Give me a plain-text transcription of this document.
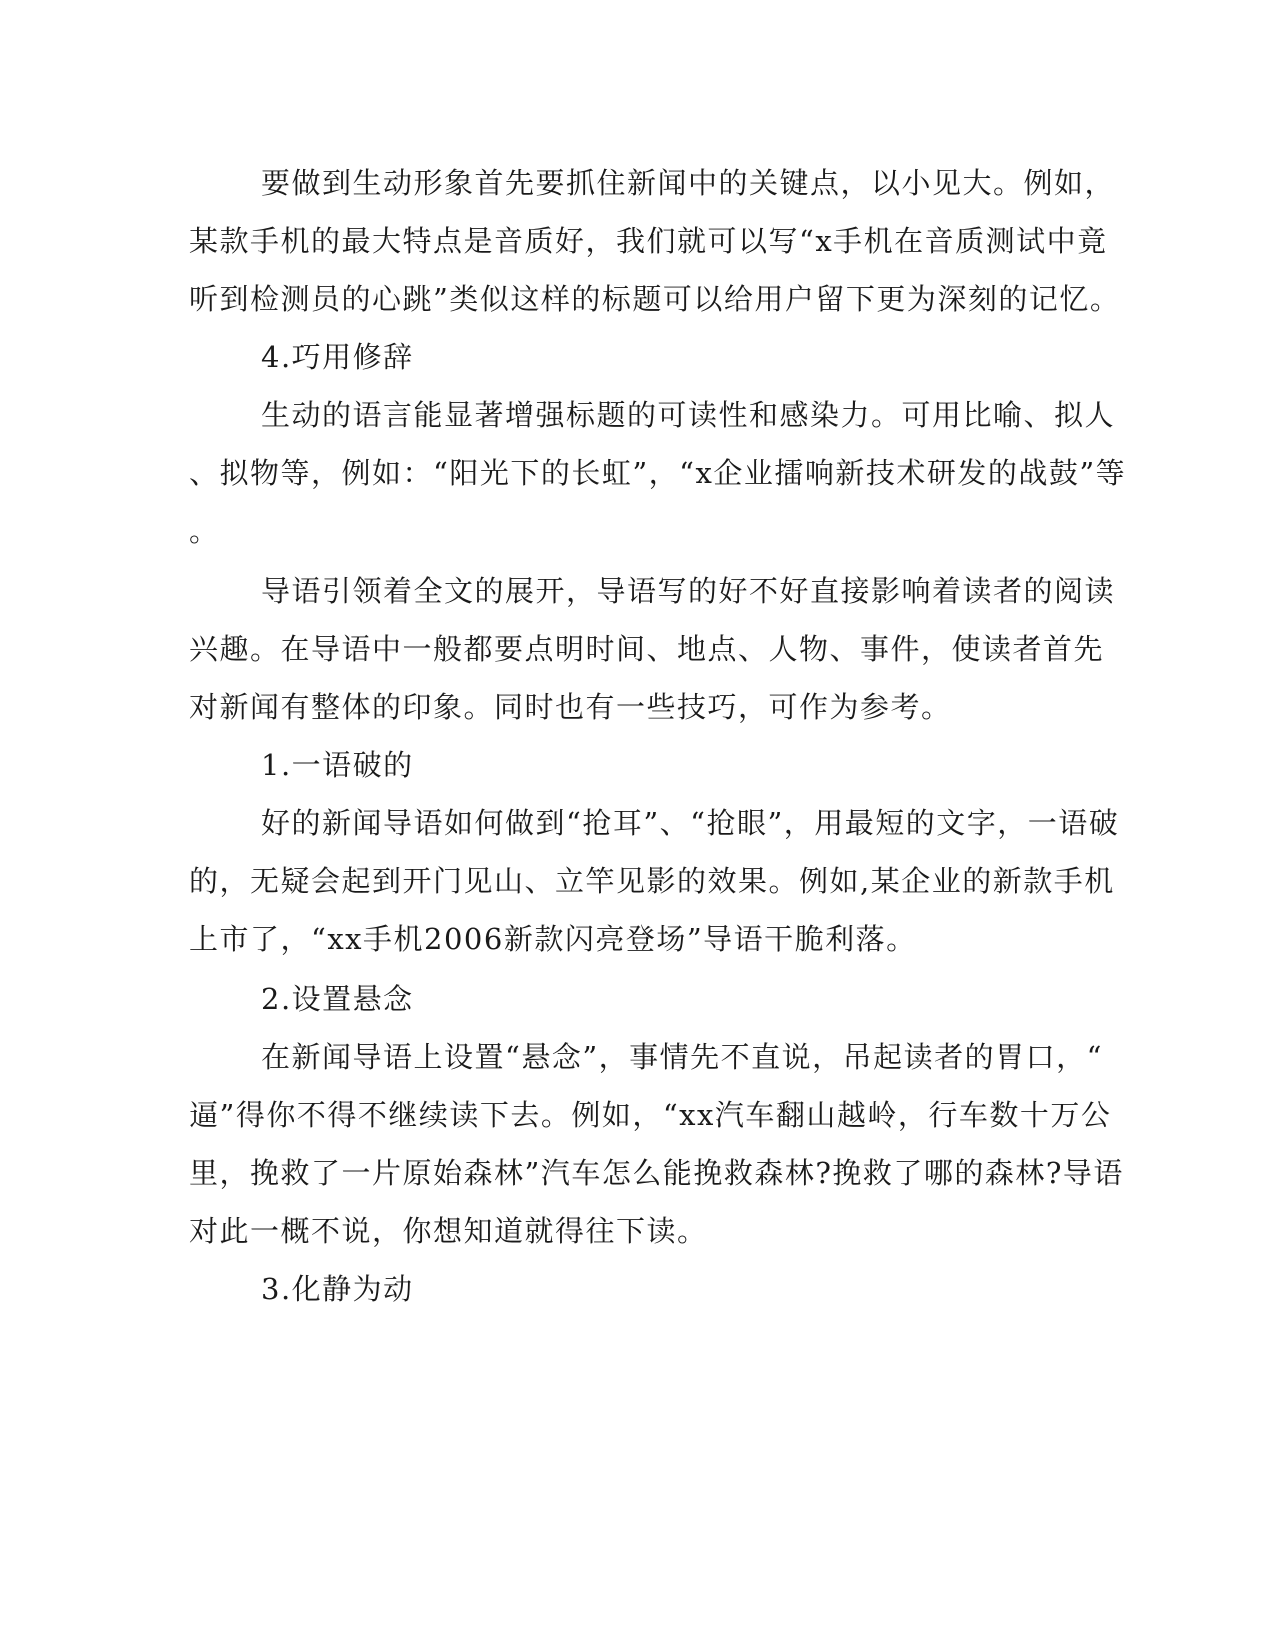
要做到生动形象首先要抓住新闻中的关键点，以小见大。例如，
某款手机的最大特点是音质好，我们就可以写“x手机在音质测试中竟
听到检测员的心跳”类似这样的标题可以给用户留下更为深刻的记忆。
4.巧用修辞
生动的语言能显著增强标题的可读性和感染力。可用比喻、拟人
、拟物等，例如：“阳光下的长虹”，“x企业擂响新技术研发的战鼓”等
。
导语引领着全文的展开，导语写的好不好直接影响着读者的阅读
兴趣。在导语中一般都要点明时间、地点、人物、事件，使读者首先
对新闻有整体的印象。同时也有一些技巧，可作为参考。
1.一语破的
好的新闻导语如何做到“抢耳”、“抢眼”，用最短的文字，一语破
的，无疑会起到开门见山、立竿见影的效果。例如,某企业的新款手机
上市了，“xx手机2006新款闪亮登场”导语干脆利落。
2.设置悬念
在新闻导语上设置“悬念”，事情先不直说，吊起读者的胃口，“
逼”得你不得不继续读下去。例如，“xx汽车翻山越岭，行车数十万公
里，挽救了一片原始森林”汽车怎么能挽救森林?挽救了哪的森林?导语
对此一概不说，你想知道就得往下读。
3.化静为动
